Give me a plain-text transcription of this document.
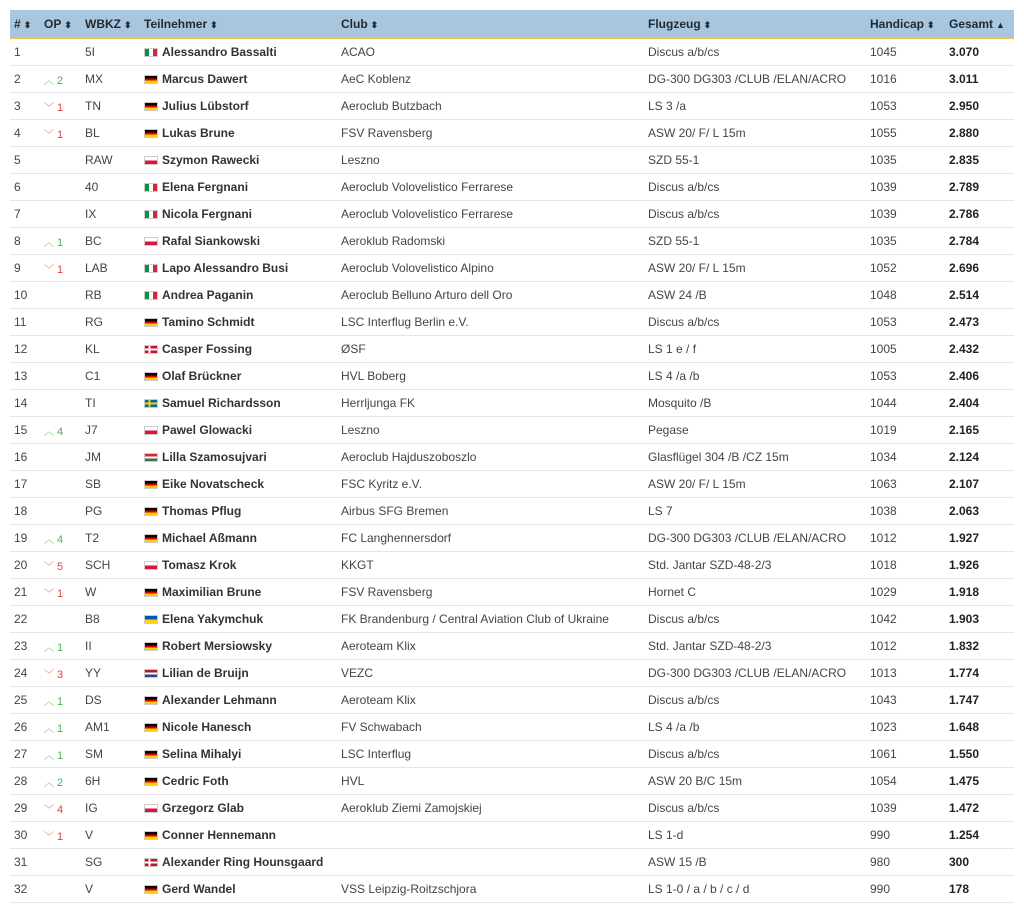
# ⬍	OP ⬍	WBKZ ⬍	Teilnehmer ⬍	Club ⬍	Flugzeug ⬍	Handicap ⬍	Gesamt ▲
1		5I	Alessandro Bassalti	ACAO	Discus a/b/cs	1045	3.070
2	︿ 2	MX	Marcus Dawert	AeC Koblenz	DG-300 DG303 /CLUB /ELAN/ACRO	1016	3.011
3	﹀ 1	TN	Julius Lübstorf	Aeroclub Butzbach	LS 3 /a	1053	2.950
4	﹀ 1	BL	Lukas Brune	FSV Ravensberg	ASW 20/ F/ L 15m	1055	2.880
5		RAW	Szymon Rawecki	Leszno	SZD 55-1	1035	2.835
6		40	Elena Fergnani	Aeroclub Volovelistico Ferrarese	Discus a/b/cs	1039	2.789
7		IX	Nicola Fergnani	Aeroclub Volovelistico Ferrarese	Discus a/b/cs	1039	2.786
8	︿ 1	BC	Rafal Siankowski	Aeroklub Radomski	SZD 55-1	1035	2.784
9	﹀ 1	LAB	Lapo Alessandro Busi	Aeroclub Volovelistico Alpino	ASW 20/ F/ L 15m	1052	2.696
10		RB	Andrea Paganin	Aeroclub Belluno Arturo dell Oro	ASW 24 /B	1048	2.514
11		RG	Tamino Schmidt	LSC Interflug Berlin e.V.	Discus a/b/cs	1053	2.473
12		KL	Casper Fossing	ØSF	LS 1 e / f	1005	2.432
13		C1	Olaf Brückner	HVL Boberg	LS 4 /a /b	1053	2.406
14		TI	Samuel Richardsson	Herrljunga FK	Mosquito /B	1044	2.404
15	︿ 4	J7	Pawel Glowacki	Leszno	Pegase	1019	2.165
16		JM	Lilla Szamosujvari	Aeroclub Hajduszoboszlo	Glasflügel 304 /B /CZ 15m	1034	2.124
17		SB	Eike Novatscheck	FSC Kyritz e.V.	ASW 20/ F/ L 15m	1063	2.107
18		PG	Thomas Pflug	Airbus SFG Bremen	LS 7	1038	2.063
19	︿ 4	T2	Michael Aßmann	FC Langhennersdorf	DG-300 DG303 /CLUB /ELAN/ACRO	1012	1.927
20	﹀ 5	SCH	Tomasz Krok	KKGT	Std. Jantar SZD-48-2/3	1018	1.926
21	﹀ 1	W	Maximilian Brune	FSV Ravensberg	Hornet C	1029	1.918
22		B8	Elena Yakymchuk	FK Brandenburg / Central Aviation Club of Ukraine	Discus a/b/cs	1042	1.903
23	︿ 1	II	Robert Mersiowsky	Aeroteam Klix	Std. Jantar SZD-48-2/3	1012	1.832
24	﹀ 3	YY	Lilian de Bruijn	VEZC	DG-300 DG303 /CLUB /ELAN/ACRO	1013	1.774
25	︿ 1	DS	Alexander Lehmann	Aeroteam Klix	Discus a/b/cs	1043	1.747
26	︿ 1	AM1	Nicole Hanesch	FV Schwabach	LS 4 /a /b	1023	1.648
27	︿ 1	SM	Selina Mihalyi	LSC Interflug	Discus a/b/cs	1061	1.550
28	︿ 2	6H	Cedric Foth	HVL	ASW 20 B/C 15m	1054	1.475
29	﹀ 4	IG	Grzegorz Glab	Aeroklub Ziemi Zamojskiej	Discus a/b/cs	1039	1.472
30	﹀ 1	V	Conner Hennemann		LS 1-d	990	1.254
31		SG	Alexander Ring Hounsgaard		ASW 15 /B	980	300
32		V	Gerd Wandel	VSS Leipzig-Roitzschjora	LS 1-0 / a / b / c / d	990	178
